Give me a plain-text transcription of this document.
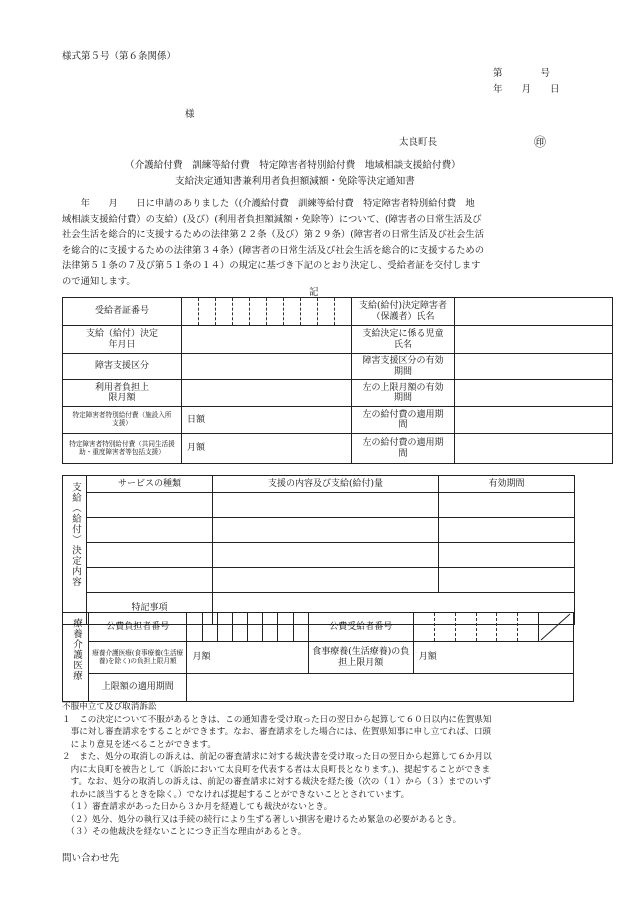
様式第５号（第６条関係）
第　　　　号
年　　月　　日
様
太良町長	㊞
（介護給付費　訓練等給付費　特定障害者特別給付費　地域相談支援給付費）
支給決定通知書兼利用者負担額減額・免除等決定通知書
　　年　　月　　日に申請のありました（(介護給付費　訓練等給付費　特定障害者特別給付費　地
域相談支援給付費）の支給）(及び）(利用者負担額減額・免除等）について、(障害者の日常生活及び
社会生活を総合的に支援するための法律第２２条（及び）第２９条）(障害者の日常生活及び社会生活
を総合的に支援するための法律第３４条）(障害者の日常生活及び社会生活を総合的に支援するための
法律第５１条の７及び第５１条の１４）の規定に基づき下記のとおり決定し、受給者証を交付します
ので通知します。
記
受給者証番号											支給(給付)決定障害者（保護者）氏名	
支給（給付）決定年月日											支給決定に係る児童氏名	
障害支援区分											障害支援区分の有効期間	
利用者負担上限月額											左の上限月額の有効期間	
特定障害者特別給付費（施設入所支援）	日額										左の給付費の適用期間	
特定障害者特別給付費（共同生活援助・重度障害者等包括支援）	月額										左の給付費の適用期間	
支給（給付）決定内容	サービスの種類	支援の内容及び支給(給付)量	有効期間

	特記事項		
療養介護医療	公費負担者番号									公費受給者番号	

	療養介護医療(食事療養(生活療養)を除く)の負担上限月額	月額								食事療養(生活療養)の負担上限月額	月額	
	上限額の適用期間											
不服申立て及び取消訴訟
１　この決定について不服があるときは、この通知書を受け取った日の翌日から起算して６０日以内に佐賀県知
　事に対し審査請求をすることができます。なお、審査請求をした場合には、佐賀県知事に申し立てれば、口頭
　により意見を述べることができます。
２　また、処分の取消しの訴えは、前記の審査請求に対する裁決書を受け取った日の翌日から起算して６か月以
　内に太良町を被告として（訴訟において太良町を代表する者は太良町長となります。)、提起することができま
　す。なお、処分の取消しの訴えは、前記の審査請求に対する裁決を経た後（次の（１）から（３）までのいず
　れかに該当するときを除く。）でなければ提起することができないこととされています。
　（１）審査請求があった日から３か月を経過しても裁決がないとき。
　（２）処分、処分の執行又は手続の続行により生ずる著しい損害を避けるため緊急の必要があるとき。
　（３）その他裁決を経ないことにつき正当な理由があるとき。
問い合わせ先
